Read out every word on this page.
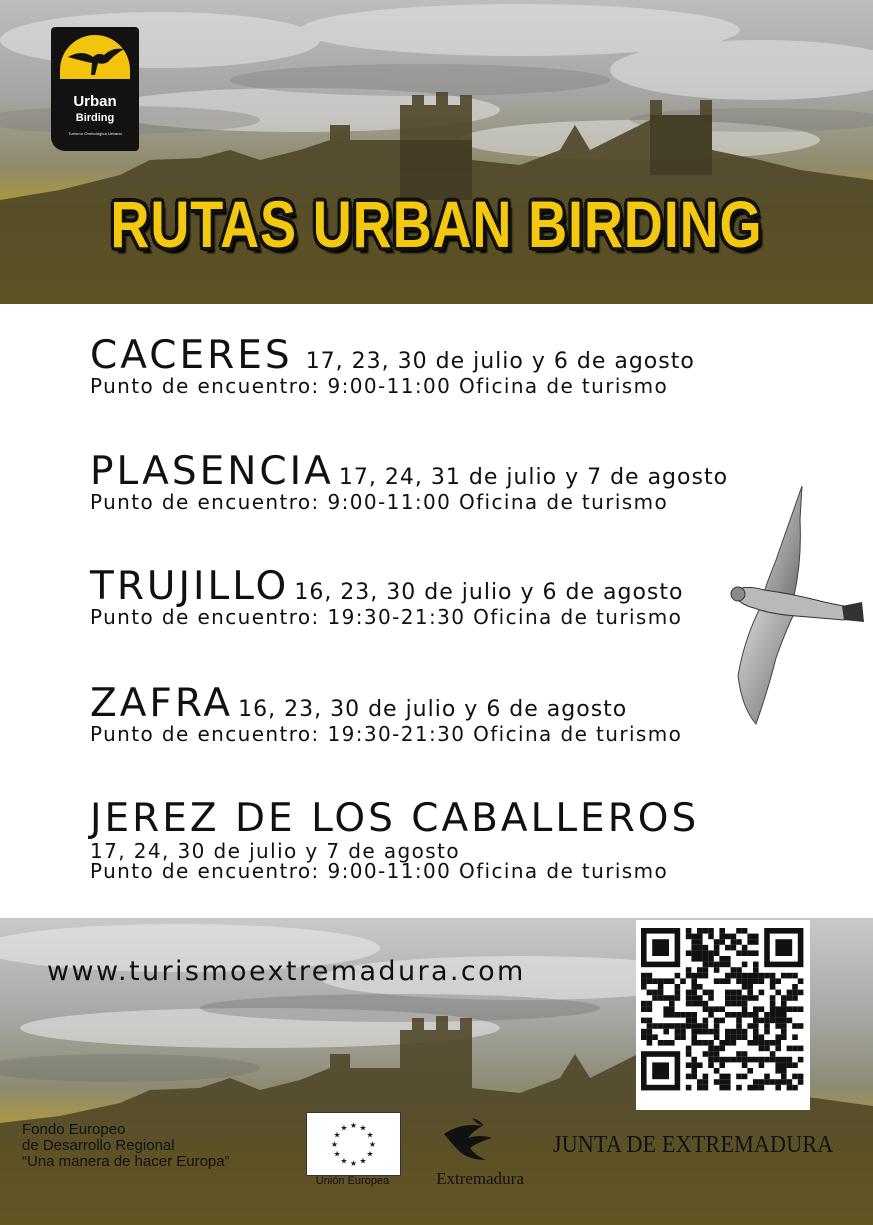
Urban
Birding
Turismo Ornitológico Urbano
RUTAS URBAN BIRDING
CACERES 17, 23, 30 de julio y 6 de agosto
Punto de encuentro: 9:00-11:00 Oficina de turismo
PLASENCIA 17, 24, 31 de julio y 7 de agosto
Punto de encuentro: 9:00-11:00 Oficina de turismo
TRUJILLO 16, 23, 30 de julio y 6 de agosto
Punto de encuentro: 19:30-21:30 Oficina de turismo
ZAFRA 16, 23, 30 de julio y 6 de agosto
Punto de encuentro: 19:30-21:30 Oficina de turismo
JEREZ DE LOS CABALLEROS
17, 24, 30 de julio y 7 de agosto
Punto de encuentro: 9:00-11:00 Oficina de turismo
www.turismoextremadura.com
Fondo Europeo
de Desarrollo Regional
“Una manera de hacer Europa”
★ ★
★
★
★
★
★
★
★
★
★
★
Unión Europea	Extremadura
JUNTA DE EXTREMADURA
